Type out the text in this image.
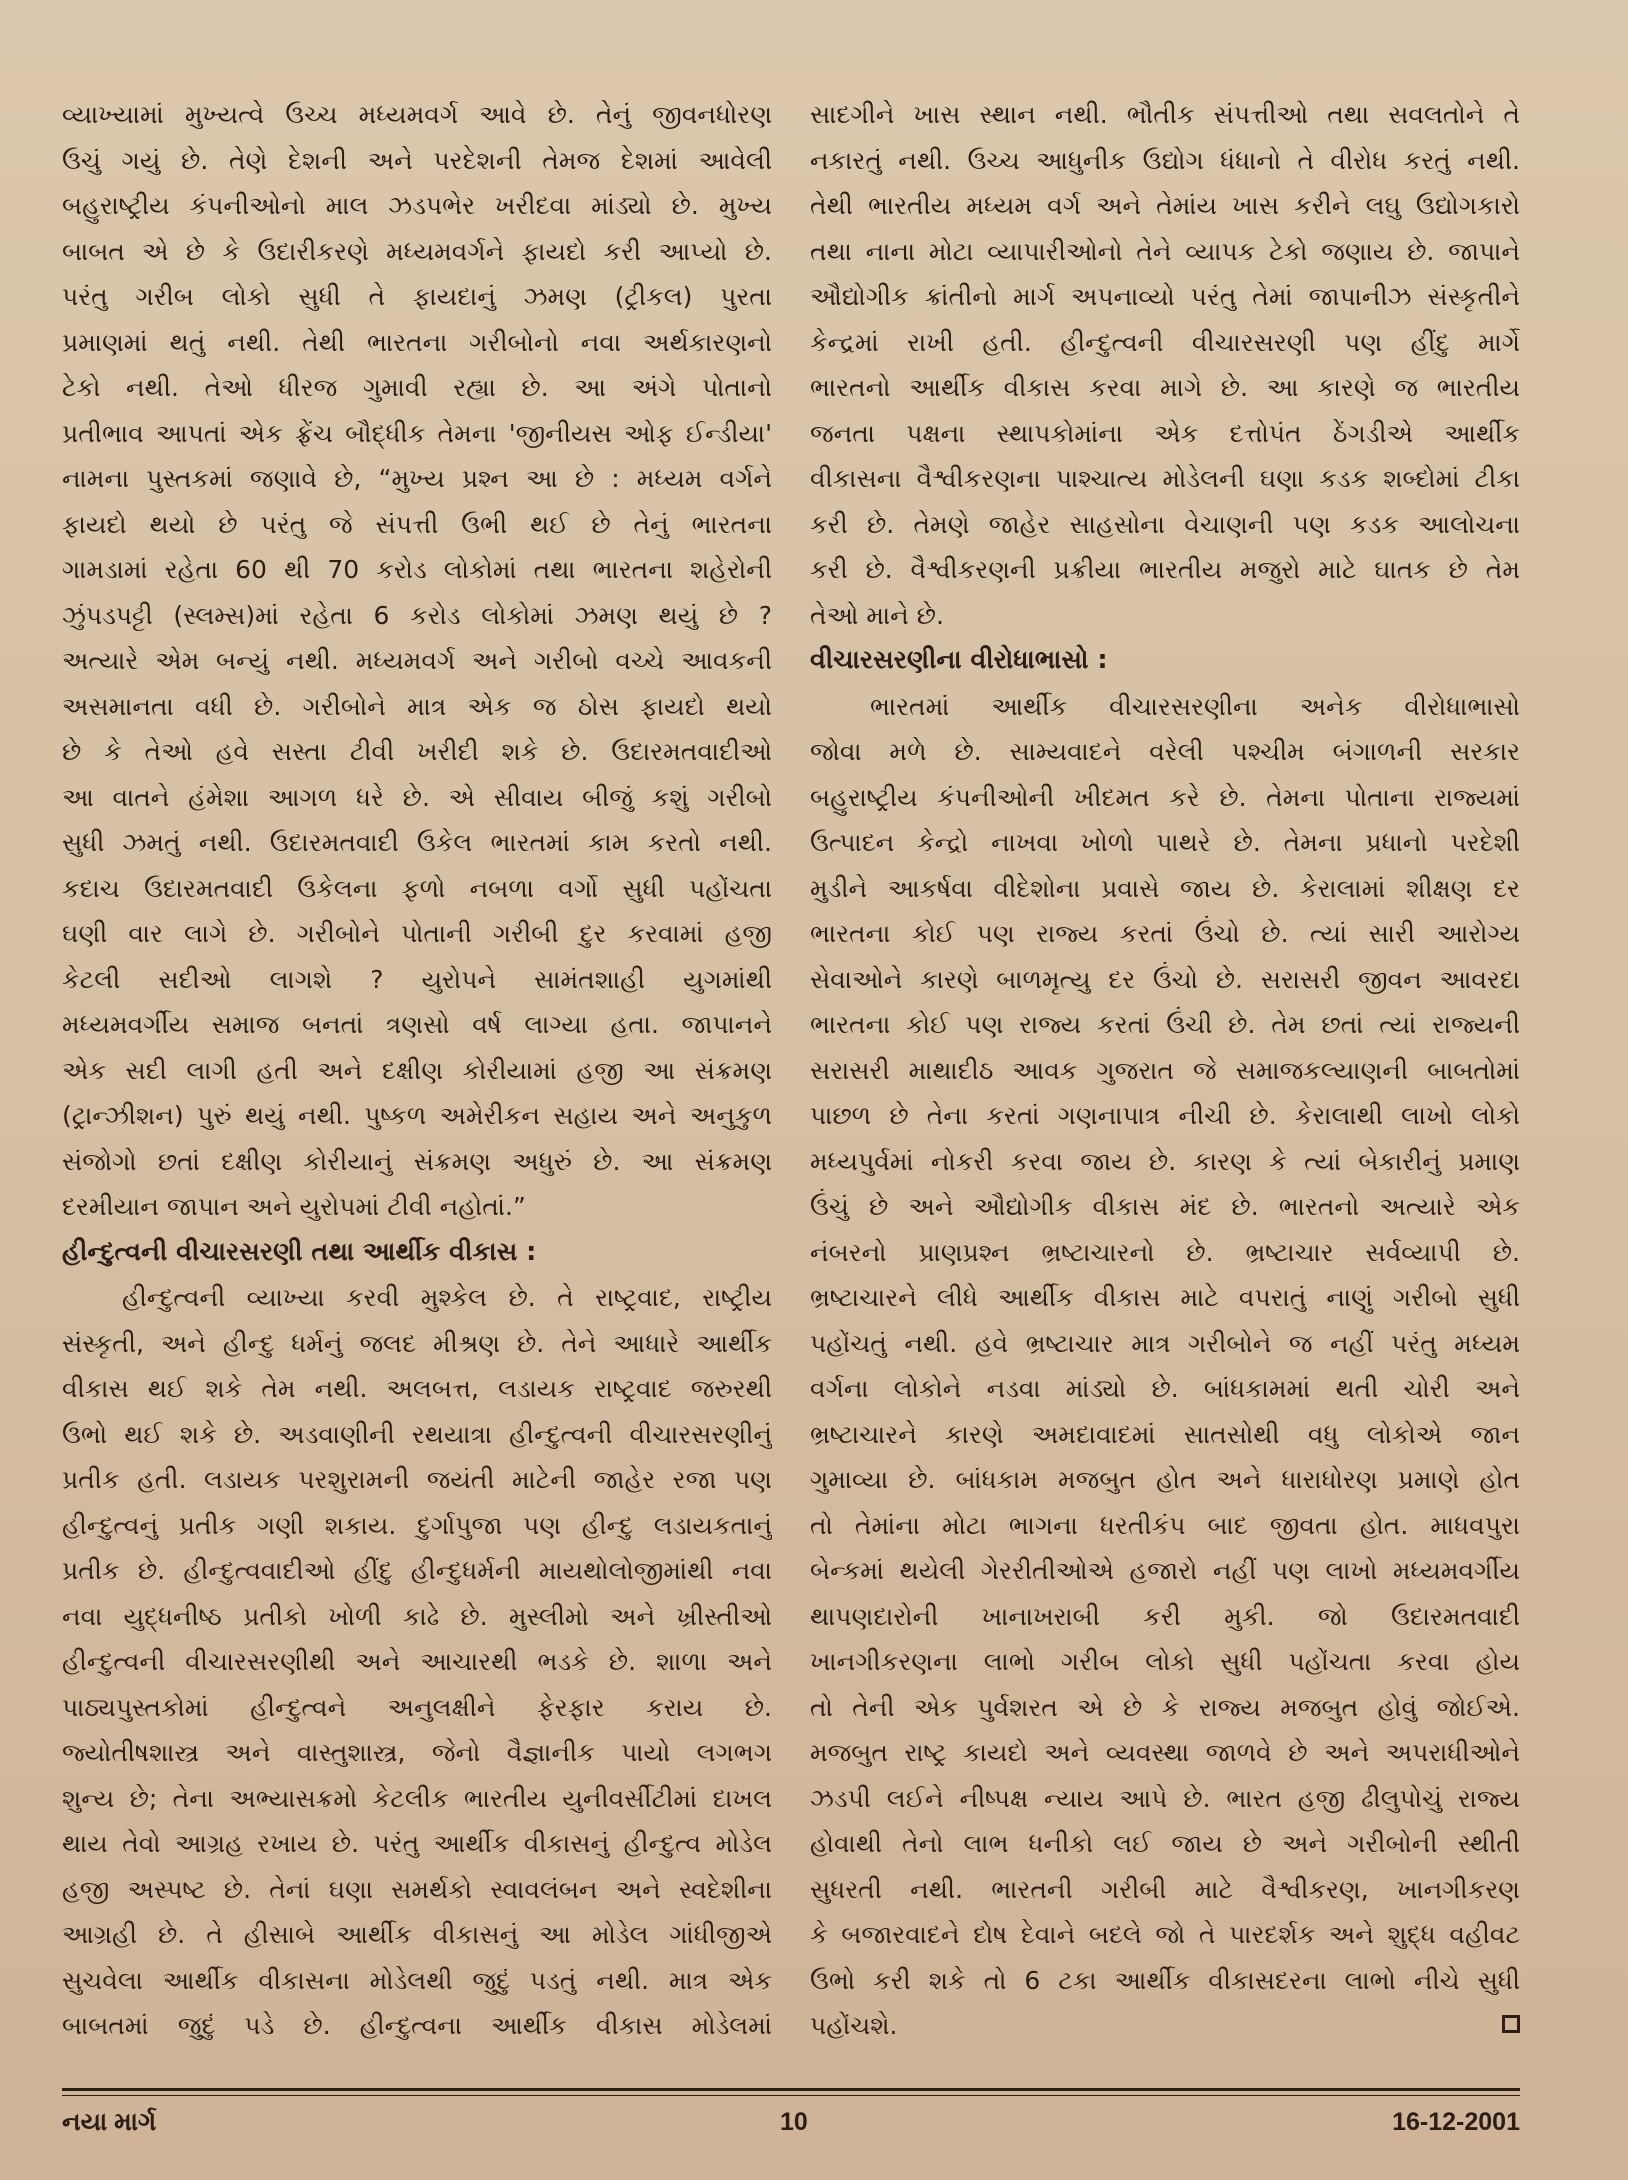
વ્યાખ્યામાં મુખ્યત્વે ઉચ્ચ મધ્યમવર્ગ આવે છે. તેનું જીવનધોરણ

ઉચું ગયું છે. તેણે દેશની અને પરદેશની તેમજ દેશમાં આવેલી

બહુરાષ્ટ્રીય કંપનીઓનો માલ ઝડપભેર ખરીદવા માંડ્યો છે. મુખ્ય

બાબત એ છે કે ઉદારીકરણે મધ્યમવર્ગને ફાયદો કરી આપ્યો છે.

પરંતુ ગરીબ લોકો સુધી તે ફાયદાનું ઝમણ (ટ્રીકલ) પુરતા

પ્રમાણમાં થતું નથી. તેથી ભારતના ગરીબોનો નવા અર્થકારણનો

ટેકો નથી. તેઓ ધીરજ ગુમાવી રહ્યા છે. આ અંગે પોતાનો

પ્રતીભાવ આપતાં એક ફ્રેંચ બૌદ્ધીક તેમના 'જીનીયસ ઓફ ઈન્ડીયા'

નામના પુસ્તકમાં જણાવે છે, “મુખ્ય પ્રશ્ન આ છે : મધ્યમ વર્ગને

ફાયદો થયો છે પરંતુ જે સંપત્તી ઉભી થઈ છે તેનું ભારતના

ગામડામાં રહેતા 60 થી 70 કરોડ લોકોમાં તથા ભારતના શહેરોની

ઝુંપડપટ્ટી (સ્લમ્સ)માં રહેતા 6 કરોડ લોકોમાં ઝમણ થયું છે ?

અત્યારે એમ બન્યું નથી. મધ્યમવર્ગ અને ગરીબો વચ્ચે આવકની

અસમાનતા વધી છે. ગરીબોને માત્ર એક જ ઠોસ ફાયદો થયો

છે કે તેઓ હવે સસ્તા ટીવી ખરીદી શકે છે. ઉદારમતવાદીઓ

આ વાતને હંમેશા આગળ ધરે છે. એ સીવાય બીજું કશું ગરીબો

સુધી ઝમતું નથી. ઉદારમતવાદી ઉકેલ ભારતમાં કામ કરતો નથી.

કદાચ ઉદારમતવાદી ઉકેલના ફળો નબળા વર્ગો સુધી પહોંચતા

ઘણી વાર લાગે છે. ગરીબોને પોતાની ગરીબી દુર કરવામાં હજી

કેટલી સદીઓ લાગશે ? યુરોપને સામંતશાહી યુગમાંથી

મધ્યમવર્ગીય સમાજ બનતાં ત્રણસો વર્ષ લાગ્યા હતા. જાપાનને

એક સદી લાગી હતી અને દક્ષીણ કોરીયામાં હજી આ સંક્રમણ

(ટ્રાન્ઝીશન) પુરું થયું નથી. પુષ્કળ અમેરીકન સહાય અને અનુકુળ

સંજોગો છતાં દક્ષીણ કોરીયાનું સંક્રમણ અધુરું છે. આ સંક્રમણ

દરમીયાન જાપાન અને યુરોપમાં ટીવી નહોતાં.”

હીન્દુત્વની વીચારસરણી તથા આર્થીક વીકાસ :

હીન્દુત્વની વ્યાખ્યા કરવી મુશ્કેલ છે. તે રાષ્ટ્રવાદ, રાષ્ટ્રીય

સંસ્કૃતી, અને હીન્દુ ધર્મનું જલદ મીશ્રણ છે. તેને આધારે આર્થીક

વીકાસ થઈ શકે તેમ નથી. અલબત્ત, લડાયક રાષ્ટ્રવાદ જરુરથી

ઉભો થઈ શકે છે. અડવાણીની રથયાત્રા હીન્દુત્વની વીચારસરણીનું

પ્રતીક હતી. લડાયક પરશુરામની જયંતી માટેની જાહેર રજા પણ

હીન્દુત્વનું પ્રતીક ગણી શકાય. દુર્ગાપુજા પણ હીન્દુ લડાયકતાનું

પ્રતીક છે. હીન્દુત્વવાદીઓ હીંદુ હીન્દુધર્મની માયથોલોજીમાંથી નવા

નવા યુદ્ધનીષ્ઠ પ્રતીકો ખોળી કાઢે છે. મુસ્લીમો અને ખ્રીસ્તીઓ

હીન્દુત્વની વીચારસરણીથી અને આચારથી ભડકે છે. શાળા અને

પાઠ્યપુસ્તકોમાં હીન્દુત્વને અનુલક્ષીને ફેરફાર કરાય છે.

જ્યોતીષશાસ્ત્ર અને વાસ્તુશાસ્ત્ર, જેનો વૈજ્ઞાનીક પાયો લગભગ

શુન્ય છે; તેના અભ્યાસક્રમો કેટલીક ભારતીય યુનીવર્સીટીમાં દાખલ

થાય તેવો આગ્રહ રખાય છે. પરંતુ આર્થીક વીકાસનું હીન્દુત્વ મોડેલ

હજી અસ્પષ્ટ છે. તેનાં ઘણા સમર્થકો સ્વાવલંબન અને સ્વદેશીના

આગ્રહી છે. તે હીસાબે આર્થીક વીકાસનું આ મોડેલ ગાંધીજીએ

સુચવેલા આર્થીક વીકાસના મોડેલથી જુદું પડતું નથી. માત્ર એક

બાબતમાં જુદું પડે છે. હીન્દુત્વના આર્થીક વીકાસ મોડેલમાં

સાદગીને ખાસ સ્થાન નથી. ભૌતીક સંપત્તીઓ તથા સવલતોને તે

નકારતું નથી. ઉચ્ચ આધુનીક ઉદ્યોગ ધંધાનો તે વીરોધ કરતું નથી.

તેથી ભારતીય મધ્યમ વર્ગ અને તેમાંય ખાસ કરીને લઘુ ઉદ્યોગકારો

તથા નાના મોટા વ્યાપારીઓનો તેને વ્યાપક ટેકો જણાય છે. જાપાને

ઔદ્યોગીક ક્રાંતીનો માર્ગ અપનાવ્યો પરંતુ તેમાં જાપાનીઝ સંસ્કૃતીને

કેન્દ્રમાં રાખી હતી. હીન્દુત્વની વીચારસરણી પણ હીંદુ માર્ગે

ભારતનો આર્થીક વીકાસ કરવા માગે છે. આ કારણે જ ભારતીય

જનતા પક્ષના સ્થાપકોમાંના એક દત્તોપંત ઠેંગડીએ આર્થીક

વીકાસના વૈશ્વીકરણના પાશ્ચાત્ય મોડેલની ઘણા કડક શબ્દોમાં ટીકા

કરી છે. તેમણે જાહેર સાહસોના વેચાણની પણ કડક આલોચના

કરી છે. વૈશ્વીકરણની પ્રક્રીયા ભારતીય મજુરો માટે ઘાતક છે તેમ

તેઓ માને છે.

વીચારસરણીના વીરોધાભાસો :

ભારતમાં આર્થીક વીચારસરણીના અનેક વીરોધાભાસો

જોવા મળે છે. સામ્યવાદને વરેલી પશ્ચીમ બંગાળની સરકાર

બહુરાષ્ટ્રીય કંપનીઓની ખીદમત કરે છે. તેમના પોતાના રાજ્યમાં

ઉત્પાદન કેન્દ્રો નાખવા ખોળો પાથરે છે. તેમના પ્રધાનો પરદેશી

મુડીને આકર્ષવા વીદેશોના પ્રવાસે જાય છે. કેરાલામાં શીક્ષણ દર

ભારતના કોઈ પણ રાજ્ય કરતાં ઉંચો છે. ત્યાં સારી આરોગ્ય

સેવાઓને કારણે બાળમૃત્યુ દર ઉંચો છે. સરાસરી જીવન આવરદા

ભારતના કોઈ પણ રાજ્ય કરતાં ઉંચી છે. તેમ છતાં ત્યાં રાજ્યની

સરાસરી માથાદીઠ આવક ગુજરાત જે સમાજકલ્યાણની બાબતોમાં

પાછળ છે તેના કરતાં ગણનાપાત્ર નીચી છે. કેરાલાથી લાખો લોકો

મધ્યપુર્વમાં નોકરી કરવા જાય છે. કારણ કે ત્યાં બેકારીનું પ્રમાણ

ઉંચું છે અને ઔદ્યોગીક વીકાસ મંદ છે. ભારતનો અત્યારે એક

નંબરનો પ્રાણપ્રશ્ન ભ્રષ્ટાચારનો છે. ભ્રષ્ટાચાર સર્વવ્યાપી છે.

ભ્રષ્ટાચારને લીધે આર્થીક વીકાસ માટે વપરાતું નાણું ગરીબો સુધી

પહોંચતું નથી. હવે ભ્રષ્ટાચાર માત્ર ગરીબોને જ નહીં પરંતુ મધ્યમ

વર્ગના લોકોને નડવા માંડ્યો છે. બાંધકામમાં થતી ચોરી અને

ભ્રષ્ટાચારને કારણે અમદાવાદમાં સાતસોથી વધુ લોકોએ જાન

ગુમાવ્યા છે. બાંધકામ મજબુત હોત અને ધારાધોરણ પ્રમાણે હોત

તો તેમાંના મોટા ભાગના ધરતીકંપ બાદ જીવતા હોત. માધવપુરા

બેન્કમાં થયેલી ગેરરીતીઓએ હજારો નહીં પણ લાખો મધ્યમવર્ગીય

થાપણદારોની ખાનાખરાબી કરી મુકી. જો ઉદારમતવાદી

ખાનગીકરણના લાભો ગરીબ લોકો સુધી પહોંચતા કરવા હોય

તો તેની એક પુર્વશરત એ છે કે રાજ્ય મજબુત હોવું જોઈએ.

મજબુત રાષ્ટ્ર કાયદો અને વ્યવસ્થા જાળવે છે અને અપરાધીઓને

ઝડપી લઈને નીષ્પક્ષ ન્યાય આપે છે. ભારત હજી ઢીલુપોચું રાજ્ય

હોવાથી તેનો લાભ ધનીકો લઈ જાય છે અને ગરીબોની સ્થીતી

સુધરતી નથી. ભારતની ગરીબી માટે વૈશ્વીકરણ, ખાનગીકરણ

કે બજારવાદને દોષ દેવાને બદલે જો તે પારદર્શક અને શુદ્ધ વહીવટ

ઉભો કરી શકે તો 6 ટકા આર્થીક વીકાસદરના લાભો નીચે સુધી

પહોંચશે.

નયા માર્ગ	10	16-12-2001
